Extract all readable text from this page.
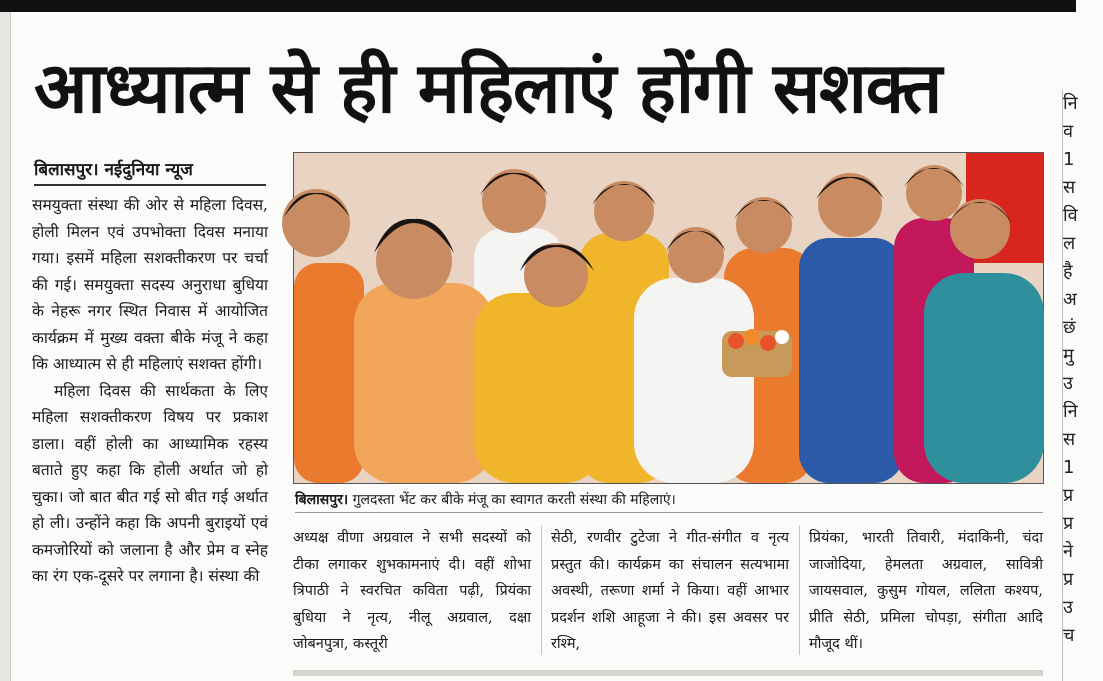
आध्यात्म से ही महिलाएं होंगी सशक्त	नि
व
1
स
वि
ल
है
अ
छं
मु
उ
नि
स
1
प्र
प्र
ने
प्र
उ
च
बिलासपुर। नईदुनिया न्यूज

समयुक्ता संस्था की ओर से महिला दिवस, होली मिलन एवं उपभोक्ता दिवस मनाया गया। इसमें महिला सशक्तीकरण पर चर्चा की गई। समयुक्ता सदस्य अनुराधा बुधिया के नेहरू नगर स्थित निवास में आयोजित कार्यक्रम में मुख्य वक्ता बीके मंजू ने कहा कि आध्यात्म से ही महिलाएं सशक्त होंगी।

महिला दिवस की सार्थकता के लिए महिला सशक्तीकरण विषय पर प्रकाश डाला। वहीं होली का आध्यामिक रहस्य बताते हुए कहा कि होली अर्थात जो हो चुका। जो बात बीत गई सो बीत गई अर्थात हो ली। उन्होंने कहा कि अपनी बुराइयों एवं कमजोरियों को जलाना है और प्रेम व स्नेह का रंग एक-दूसरे पर लगाना है। संस्था की

बिलासपुर। गुलदस्ता भेंट कर बीके मंजू का स्वागत करती संस्था की महिलाएं।

अध्यक्ष वीणा अग्रवाल ने सभी सदस्यों को टीका लगाकर शुभकामनाएं दी। वहीं शोभा त्रिपाठी ने स्वरचित कविता पढ़ी, प्रियंका बुधिया ने नृत्य, नीलू अग्रवाल, दक्षा जोबनपुत्रा, कस्तूरी

सेठी, रणवीर टुटेजा ने गीत-संगीत व नृत्य प्रस्तुत की। कार्यक्रम का संचालन सत्यभामा अवस्थी, तरूणा शर्मा ने किया। वहीं आभार प्रदर्शन शशि आहूजा ने की। इस अवसर पर रश्मि,

प्रियंका, भारती तिवारी, मंदाकिनी, चंदा जाजोदिया, हेमलता अग्रवाल, सावित्री जायसवाल, कुसुम गोयल, ललिता कश्यप, प्रीति सेठी, प्रमिला चोपड़ा, संगीता आदि मौजूद थीं।
